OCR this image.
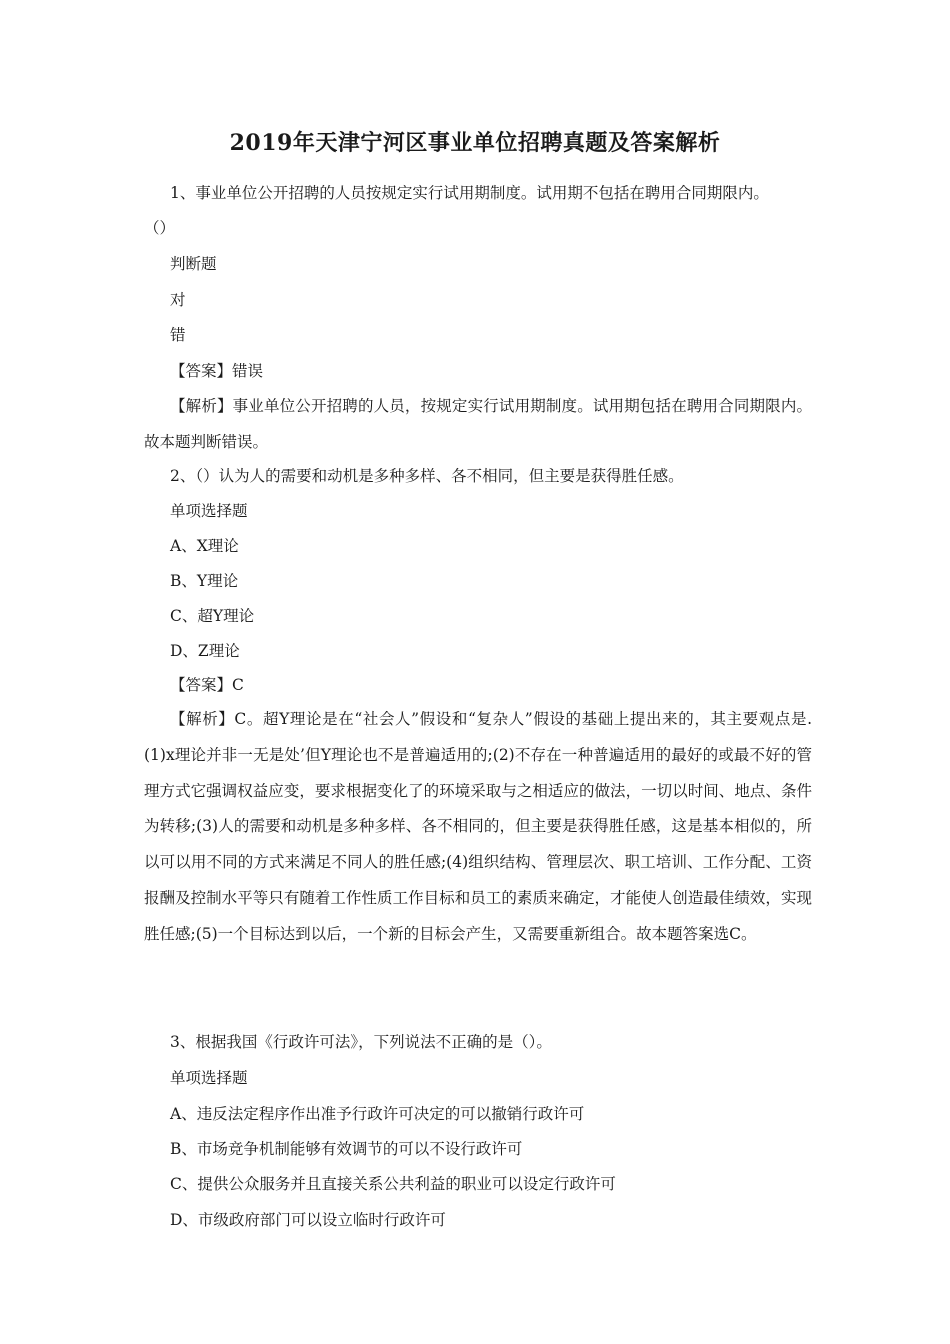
2019年天津宁河区事业单位招聘真题及答案解析
1、事业单位公开招聘的人员按规定实行试用期制度。试用期不包括在聘用合同期限内。
（）
判断题
对
错
【答案】错误
【解析】事业单位公开招聘的人员，按规定实行试用期制度。试用期包括在聘用合同期限内。故本题判断错误。
2、（）认为人的需要和动机是多种多样、各不相同，但主要是获得胜任感。
单项选择题
A、X理论
B、Y理论
C、超Y理论
D、Z理论
【答案】C
【解析】C。超Y理论是在“社会人”假设和“复杂人”假设的基础上提出来的，其主要观点是.(1)x理论并非一无是处’但Y理论也不是普遍适用的;(2)不存在一种普遍适用的最好的或最不好的管理方式它强调权益应变，要求根据变化了的环境采取与之相适应的做法，一切以时间、地点、条件为转移;(3)人的需要和动机是多种多样、各不相同的，但主要是获得胜任感，这是基本相似的，所以可以用不同的方式来满足不同人的胜任感;(4)组织结构、管理层次、职工培训、工作分配、工资报酬及控制水平等只有随着工作性质工作目标和员工的素质来确定，才能使人创造最佳绩效，实现胜任感;(5)一个目标达到以后，一个新的目标会产生，又需要重新组合。故本题答案选C。
3、根据我国《行政许可法》，下列说法不正确的是（）。
单项选择题
A、违反法定程序作出准予行政许可决定的可以撤销行政许可
B、市场竞争机制能够有效调节的可以不设行政许可
C、提供公众服务并且直接关系公共利益的职业可以设定行政许可
D、市级政府部门可以设立临时行政许可
